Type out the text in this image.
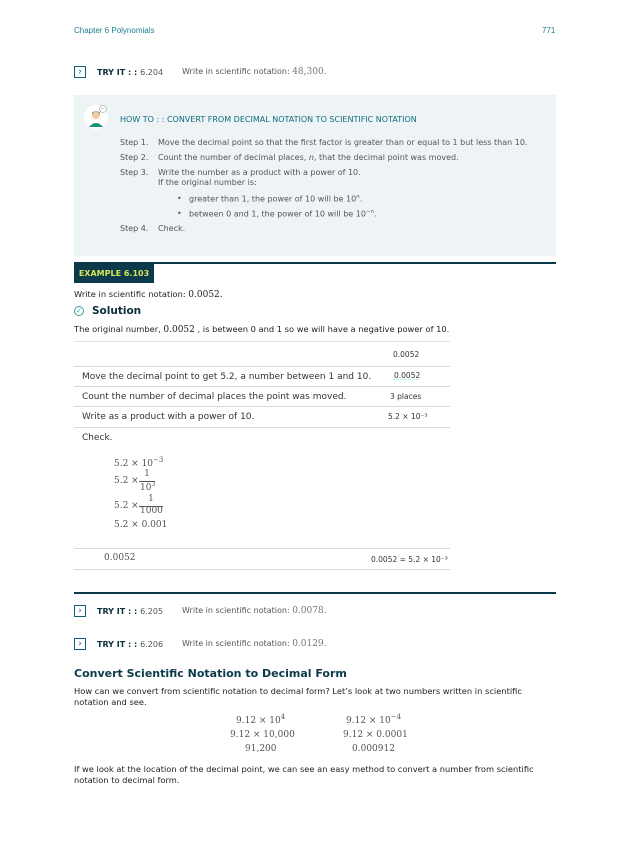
Chapter 6 Polynomials	771
›	TRY IT : : 6.204 Write in scientific notation: 48,300.
···
HOW TO : : CONVERT FROM DECIMAL NOTATION TO SCIENTIFIC NOTATION
Step 1. Move the decimal point so that the first factor is greater than or equal to 1 but less than 10.
Step 2. Count the number of decimal places, n, that the decimal point was moved.
Step 3. Write the number as a product with a power of 10.
If the original number is:
• greater than 1, the power of 10 will be 10$^n$.
• between 0 and 1, the power of 10 will be $10^{-n}$.
Step 4. Check.
EXAMPLE 6.103
Write in scientific notation: 0.0052.
✓ Solution
The original number, 0.0052 , is between 0 and 1 so we will have a negative power of 10.
0.0052
Move the decimal point to get 5.2, a number between 1 and 10.	0.0052
Count the number of decimal places the point was moved.	3 places
Write as a product with a power of 10.	5.2 × 10⁻³
Check.
$5.2 \times 10^{-3}$
5.2 ×
1
$10^3$
5.2 ×
1
1000
5.2 × 0.001
0.0052	0.0052 = 5.2 × 10⁻³
›	TRY IT : : 6.205 Write in scientific notation: 0.0078.
›	TRY IT : : 6.206 Write in scientific notation: 0.0129.
Convert Scientific Notation to Decimal Form
How can we convert from scientific notation to decimal form? Let’s look at two numbers written in scientific notation and see.
$9.12 \times 10^4$
9.12 × 10,000
91,200
$9.12 \times 10^{-4}$
9.12 × 0.0001
0.000912
If we look at the location of the decimal point, we can see an easy method to convert a number from scientific notation to decimal form.
